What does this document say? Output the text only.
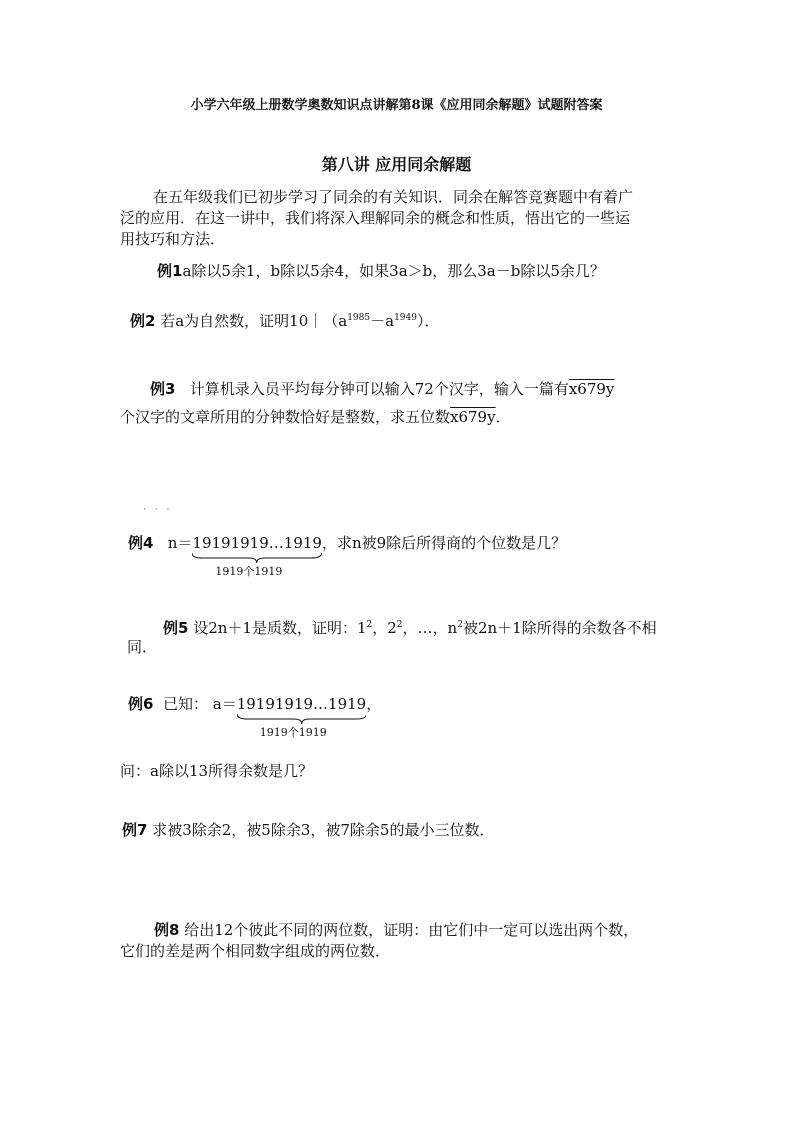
小学六年级上册数学奥数知识点讲解第8课《应用同余解题》试题附答案
第八讲 应用同余解题
在五年级我们已初步学习了同余的有关知识．同余在解答竞赛题中有着广
泛的应用．在这一讲中，我们将深入理解同余的概念和性质，悟出它的一些运
用技巧和方法．
例1a除以5余1，b除以5余4，如果3a＞b，那么3a－b除以5余几？
例2 若a为自然数，证明$10|(a^{1985}-a^{1949})$．
例3 计算机录入员平均每分钟可以输入72个汉字，输入一篇有x679y
个汉字的文章所用的分钟数恰好是整数，求五位数x679y．
· · ·
例4 n＝19191919…1919
1919个1919
，求n被9除后所得商的个位数是几？
例5 设2n＋1是质数，证明：$1^2$，$2^2$，…，$n^2$被2n＋1除所得的余数各不相
同．
例6 已知： a＝19191919…1919
1919个1919
，
问：a除以13所得余数是几？
例7 求被3除余2，被5除余3，被7除余5的最小三位数．
例8 给出12个彼此不同的两位数，证明：由它们中一定可以选出两个数，
它们的差是两个相同数字组成的两位数．
